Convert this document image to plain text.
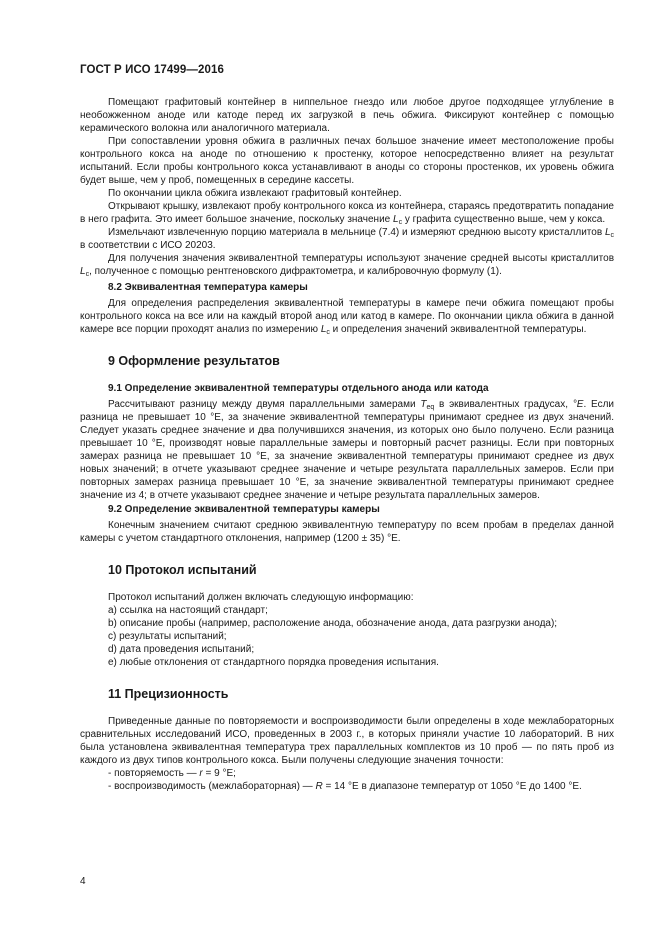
ГОСТ Р ИСО 17499—2016

Помещают графитовый контейнер в ниппельное гнездо или любое другое подходящее углубление в необожженном аноде или катоде перед их загрузкой в печь обжига. Фиксируют контейнер с помощью керамического волокна или аналогичного материала.

При сопоставлении уровня обжига в различных печах большое значение имеет местоположение пробы контрольного кокса на аноде по отношению к простенку, которое непосредственно влияет на результат испытаний. Если пробы контрольного кокса устанавливают в аноды со стороны простенков, их уровень обжига будет выше, чем у проб, помещенных в середине кассеты.

По окончании цикла обжига извлекают графитовый контейнер.

Открывают крышку, извлекают пробу контрольного кокса из контейнера, стараясь предотвратить попадание в него графита. Это имеет большое значение, поскольку значение $L_c$ у графита существенно выше, чем у кокса.

Измельчают извлеченную порцию материала в мельнице (7.4) и измеряют среднюю высоту кристаллитов $L_c$ в соответствии с ИСО 20203.

Для получения значения эквивалентной температуры используют значение средней высоты кристаллитов $L_c$, полученное с помощью рентгеновского дифрактометра, и калибровочную формулу (1).

8.2 Эквивалентная температура камеры

Для определения распределения эквивалентной температуры в камере печи обжига помещают пробы контрольного кокса на все или на каждый второй анод или катод в камере. По окончании цикла обжига в данной камере все порции проходят анализ по измерению $L_c$ и определения значений эквивалентной температуры.

9 Оформление результатов
9.1 Определение эквивалентной температуры отдельного анода или катода

Рассчитывают разницу между двумя параллельными замерами $T_{eq}$ в эквивалентных градусах, °E. Если разница не превышает 10 °E, за значение эквивалентной температуры принимают среднее из двух значений. Следует указать среднее значение и два получившихся значения, из которых оно было получено. Если разница превышает 10 °E, производят новые параллельные замеры и повторный расчет разницы. Если при повторных замерах разница не превышает 10 °E, за значение эквивалентной температуры принимают среднее из двух новых значений; в отчете указывают среднее значение и четыре результата параллельных замеров. Если при повторных замерах разница превышает 10 °E, за значение эквивалентной температуры принимают среднее значение из 4; в отчете указывают среднее значение и четыре результата параллельных замеров.

9.2 Определение эквивалентной температуры камеры

Конечным значением считают среднюю эквивалентную температуру по всем пробам в пределах данной камеры с учетом стандартного отклонения, например (1200 ± 35) °E.

10 Протокол испытаний

Протокол испытаний должен включать следующую информацию:

a) ссылка на настоящий стандарт;
b) описание пробы (например, расположение анода, обозначение анода, дата разгрузки анода);
c) результаты испытаний;
d) дата проведения испытаний;
e) любые отклонения от стандартного порядка проведения испытания.
11 Прецизионность

Приведенные данные по повторяемости и воспроизводимости были определены в ходе межлабораторных сравнительных исследований ИСО, проведенных в 2003 г., в которых приняли участие 10 лабораторий. В них была установлена эквивалентная температура трех параллельных комплектов из 10 проб — по пять проб из каждого из двух типов контрольного кокса. Были получены следующие значения точности:

- повторяемость — r = 9 °E;

- воспроизводимость (межлабораторная) — R = 14 °E в диапазоне температур от 1050 °E до 1400 °E.

4
